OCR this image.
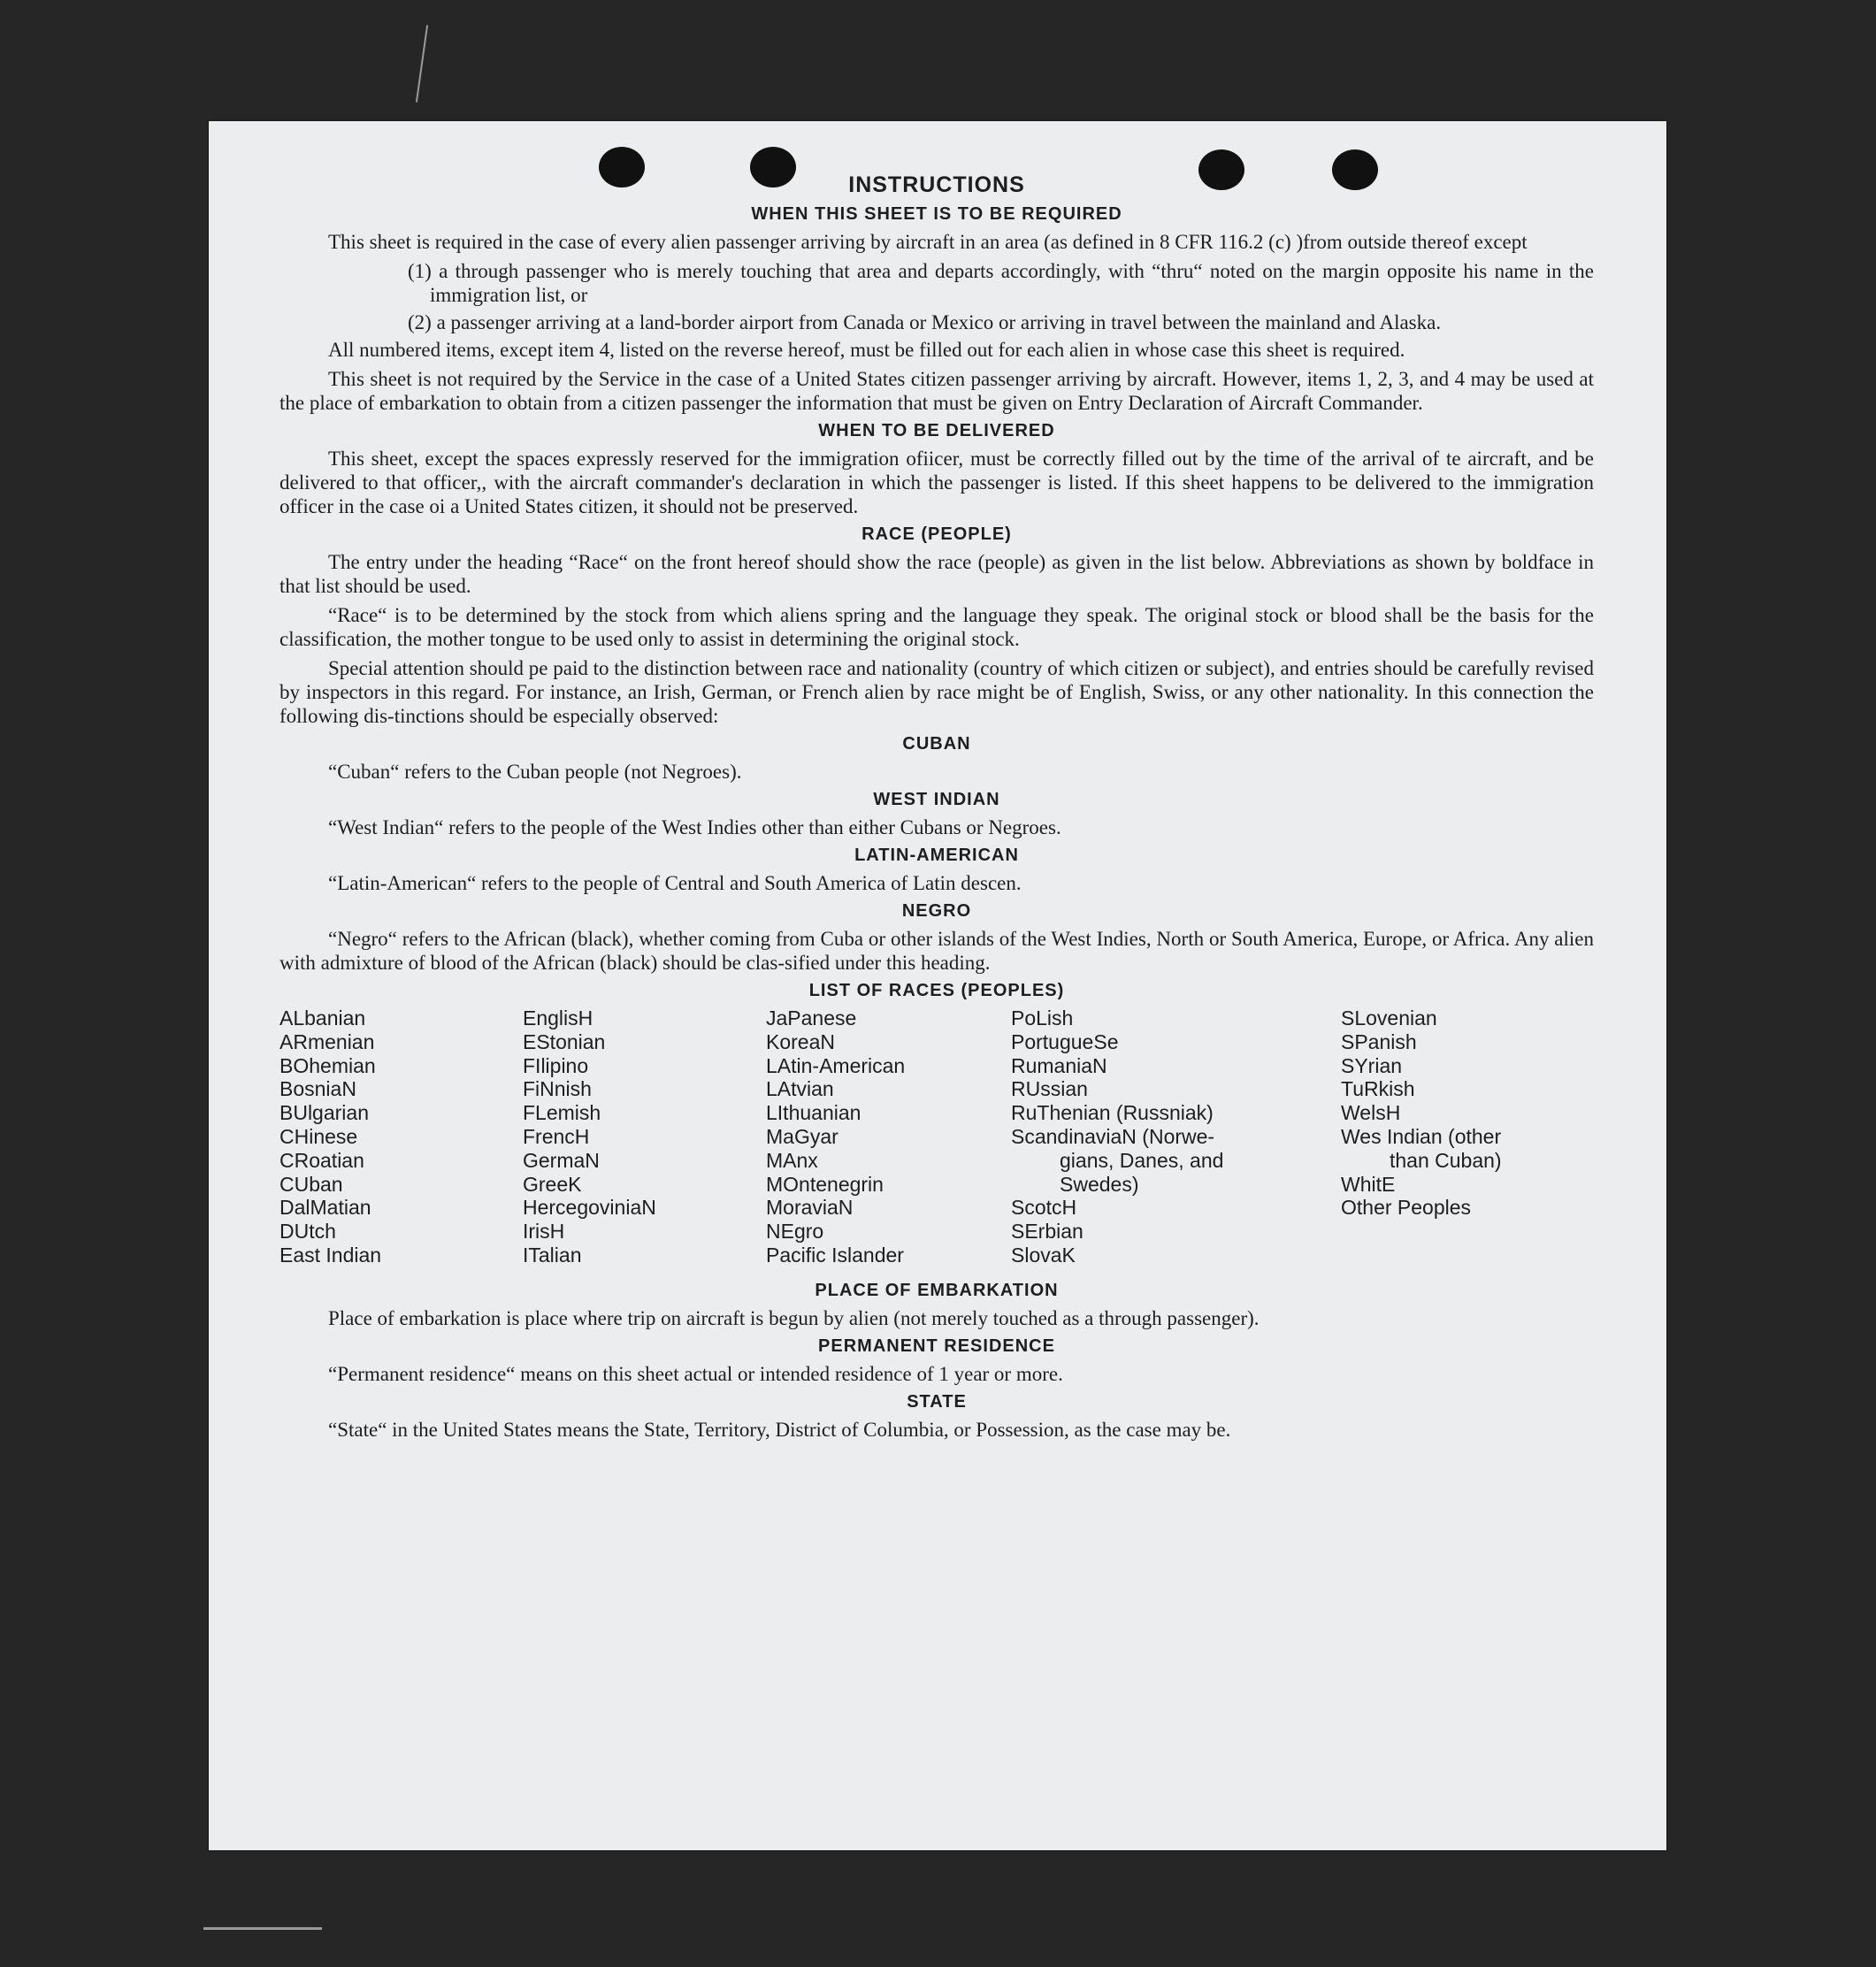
INSTRUCTIONS
WHEN THIS SHEET IS TO BE REQUIRED

This sheet is required in the case of every alien passenger arriving by aircraft in an area (as defined in 8 CFR 116.2 (c) )from outside thereof except

(1) a through passenger who is merely touching that area and departs accordingly, with “thru“ noted on the margin opposite his name in the immigration list, or
(2) a passenger arriving at a land-border airport from Canada or Mexico or arriving in travel between the mainland and Alaska.

All numbered items, except item 4, listed on the reverse hereof, must be filled out for each alien in whose case this sheet is required.

This sheet is not required by the Service in the case of a United States citizen passenger arriving by aircraft. However, items 1, 2, 3, and 4 may be used at the place of embarkation to obtain from a citizen passenger the information that must be given on Entry Declaration of Aircraft Commander.

WHEN TO BE DELIVERED

This sheet, except the spaces expressly reserved for the immigration ofiicer, must be correctly filled out by the time of the arrival of te aircraft, and be delivered to that officer,, with the aircraft commander's declaration in which the passenger is listed. If this sheet happens to be delivered to the immigration officer in the case oi a United States citizen, it should not be preserved.

RACE (PEOPLE)

The entry under the heading “Race“ on the front hereof should show the race (people) as given in the list below. Abbreviations as shown by boldface in that list should be used.

“Race“ is to be determined by the stock from which aliens spring and the language they speak. The original stock or blood shall be the basis for the classification, the mother tongue to be used only to assist in determining the original stock.

Special attention should pe paid to the distinction between race and nationality (country of which citizen or subject), and entries should be carefully revised by inspectors in this regard. For instance, an Irish, German, or French alien by race might be of English, Swiss, or any other nationality. In this connection the following dis-tinctions should be especially observed:

CUBAN

“Cuban“ refers to the Cuban people (not Negroes).

WEST INDIAN

“West Indian“ refers to the people of the West Indies other than either Cubans or Negroes.

LATIN-AMERICAN

“Latin-American“ refers to the people of Central and South America of Latin descen.

NEGRO

“Negro“ refers to the African (black), whether coming from Cuba or other islands of the West Indies, North or South America, Europe, or Africa. Any alien with admixture of blood of the African (black) should be clas-sified under this heading.

LIST OF RACES (PEOPLES)
ALbanian
ARmenian
BOhemian
BosniaN
BUlgarian
CHinese
CRoatian
CUban
DalMatian
DUtch
East Indian
EnglisH
EStonian
FIlipino
FiNnish
FLemish
FrencH
GermaN
GreeK
HercegoviniaN
IrisH
ITalian
JaPanese
KoreaN
LAtin-American
LAtvian
LIthuanian
MaGyar
MAnx
MOntenegrin
MoraviaN
NEgro
Pacific Islander
PoLish
PortugueSe
RumaniaN
RUssian
RuThenian (Russniak)
ScandinaviaN (Norwe-
gians, Danes, and
Swedes)
ScotcH
SErbian
SlovaK
SLovenian
SPanish
SYrian
TuRkish
WelsH
Wes Indian (other
than Cuban)
WhitE
Other Peoples
PLACE OF EMBARKATION

Place of embarkation is place where trip on aircraft is begun by alien (not merely touched as a through passenger).

PERMANENT RESIDENCE

“Permanent residence“ means on this sheet actual or intended residence of 1 year or more.

STATE

“State“ in the United States means the State, Territory, District of Columbia, or Possession, as the case may be.
